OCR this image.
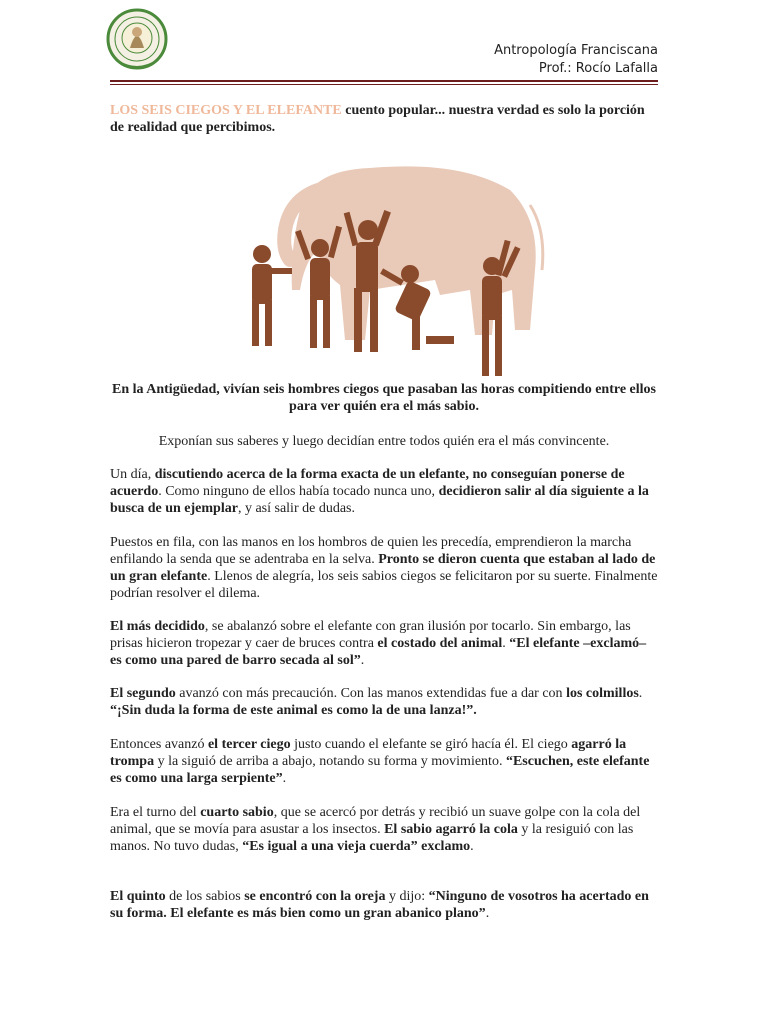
Antropología Franciscana
Prof.: Rocío Lafalla

LOS SEIS CIEGOS Y EL ELEFANTE cuento popular... nuestra verdad es solo la porción de realidad que percibimos.

En la Antigüedad, vivían seis hombres ciegos que pasaban las horas compitiendo entre ellos para ver quién era el más sabio.

Exponían sus saberes y luego decidían entre todos quién era el más convincente.

Un día, discutiendo acerca de la forma exacta de un elefante, no conseguían ponerse de acuerdo. Como ninguno de ellos había tocado nunca uno, decidieron salir al día siguiente a la busca de un ejemplar, y así salir de dudas.

Puestos en fila, con las manos en los hombros de quien les precedía, emprendieron la marcha enfilando la senda que se adentraba en la selva. Pronto se dieron cuenta que estaban al lado de un gran elefante. Llenos de alegría, los seis sabios ciegos se felicitaron por su suerte. Finalmente podrían resolver el dilema.

El más decidido, se abalanzó sobre el elefante con gran ilusión por tocarlo. Sin embargo, las prisas hicieron tropezar y caer de bruces contra el costado del animal. “El elefante –exclamó– es como una pared de barro secada al sol”.

El segundo avanzó con más precaución. Con las manos extendidas fue a dar con los colmillos. “¡Sin duda la forma de este animal es como la de una lanza!”.

Entonces avanzó el tercer ciego justo cuando el elefante se giró hacía él. El ciego agarró la trompa y la siguió de arriba a abajo, notando su forma y movimiento. “Escuchen, este elefante es como una larga serpiente”.

Era el turno del cuarto sabio, que se acercó por detrás y recibió un suave golpe con la cola del animal, que se movía para asustar a los insectos. El sabio agarró la cola y la resiguió con las manos. No tuvo dudas, “Es igual a una vieja cuerda” exclamo.

El quinto de los sabios se encontró con la oreja y dijo: “Ninguno de vosotros ha acertado en su forma. El elefante es más bien como un gran abanico plano”.
